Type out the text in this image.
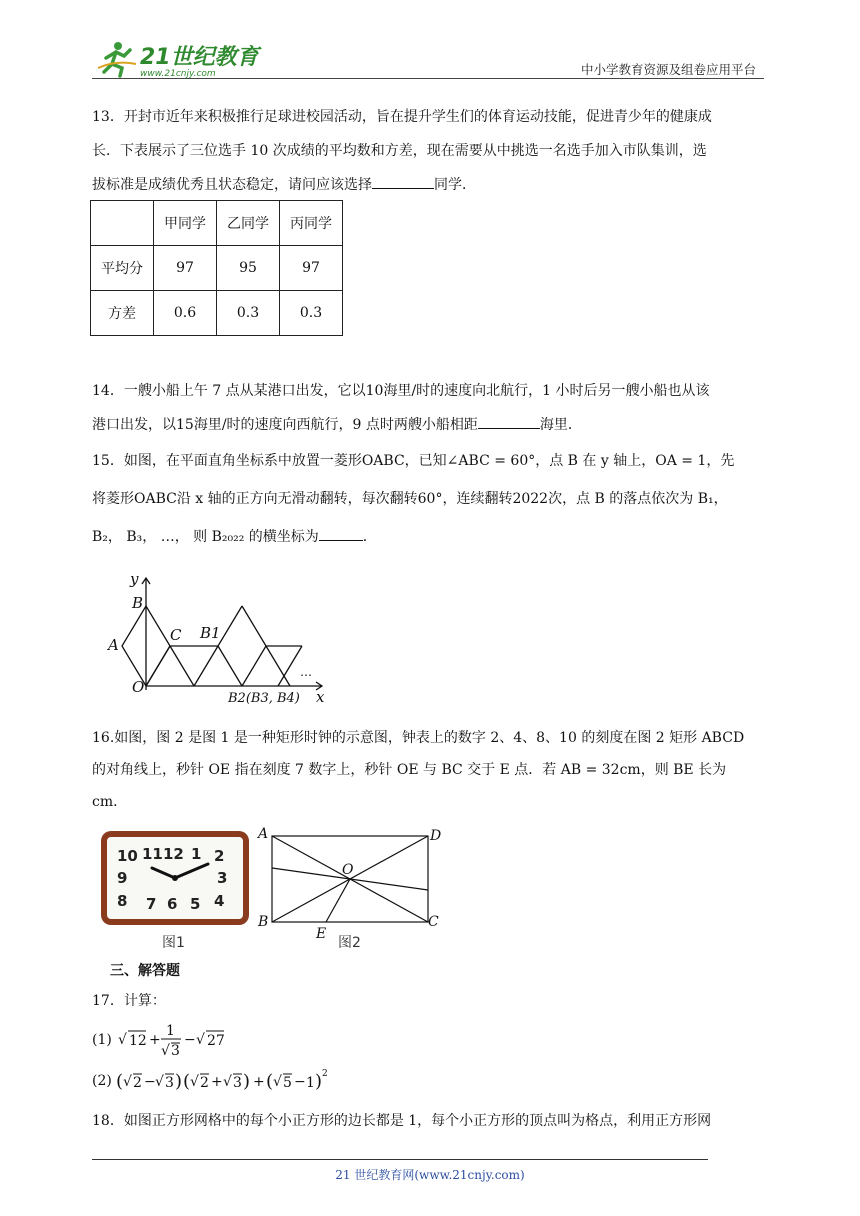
21世纪教育
www.21cnjy.com	中小学教育资源及组卷应用平台

13．开封市近年来积极推行足球进校园活动，旨在提升学生们的体育运动技能，促进青少年的健康成

长．下表展示了三位选手 10 次成绩的平均数和方差，现在需要从中挑选一名选手加入市队集训，选

拔标准是成绩优秀且状态稳定，请问应该选择	同学．

	甲同学	乙同学	丙同学
平均分	97	95	97
方差	0.6	0.3	0.3

14．一艘小船上午 7 点从某港口出发，它以10海里/时的速度向北航行，1 小时后另一艘小船也从该

港口出发，以15海里/时的速度向西航行，9 点时两艘小船相距	海里．

15．如图，在平面直角坐标系中放置一菱形OABC，已知∠ABC = 60°，点 B 在 y 轴上，OA = 1，先

将菱形OABC沿 x 轴的正方向无滑动翻转，每次翻转60°，连续翻转2022次，点 B 的落点依次为 B₁，

B₂， B₃， …， 则 B₂₀₂₂ 的横坐标为	．

y
B
A
C B1
O
B2(B3, B4) x
…

16.如图，图 2 是图 1 是一种矩形时钟的示意图，钟表上的数字 2、4、8、10 的刻度在图 2 矩形 ABCD

的对角线上，秒针 OE 指在刻度 7 数字上，秒针 OE 与 BC 交于 E 点．若 AB = 32cm，则 BE 长为

cm．

10 11 12 1 2
9	3
8 7 6 5 4
图1
A	D
O
B
E
C
图2
三、解答题
17．计算：
(1) √ 12 +
1
√ 3
− √ 27
(2) ( √ 2 − √ 3 ) ( √ 2 + √ 3 ) + ( √ 5 − 1 ) 2

18．如图正方形网格中的每个小正方形的边长都是 1，每个小正方形的顶点叫为格点，利用正方形网

21 世纪教育网(www.21cnjy.com)
